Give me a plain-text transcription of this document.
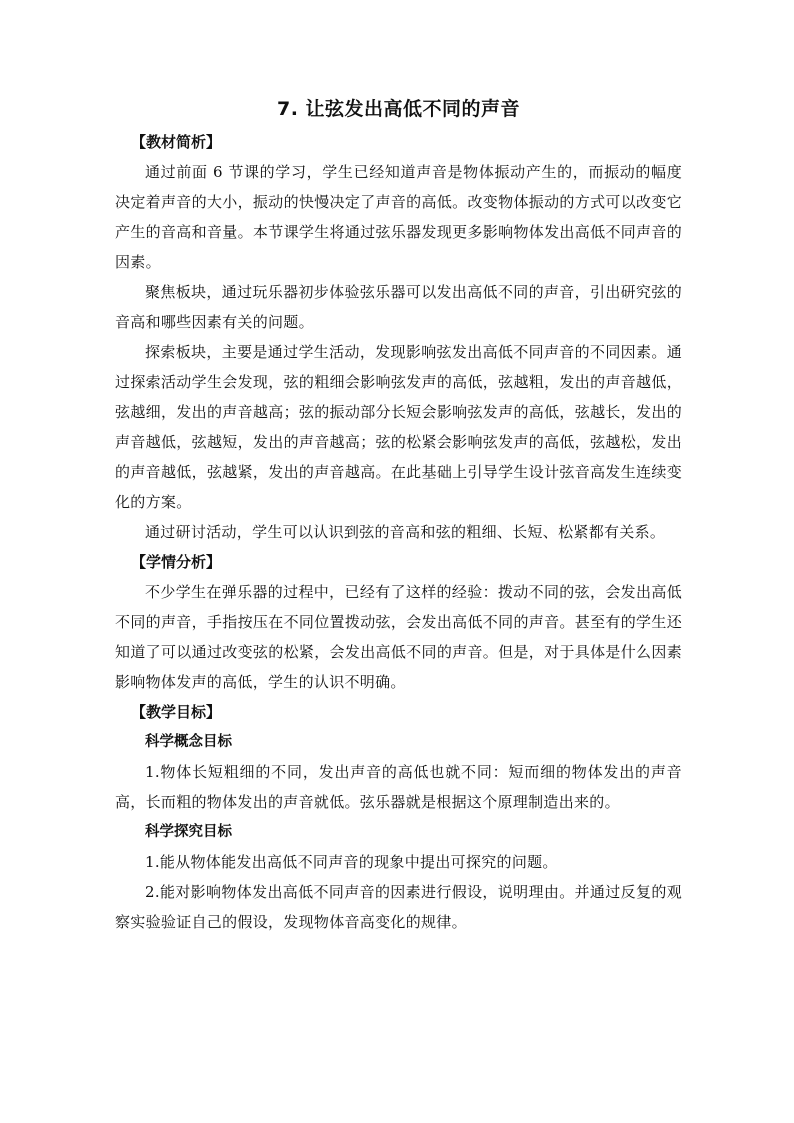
7. 让弦发出高低不同的声音

【教材简析】

通过前面 6 节课的学习，学生已经知道声音是物体振动产生的，而振动的幅度决定着声音的大小，振动的快慢决定了声音的高低。改变物体振动的方式可以改变它产生的音高和音量。本节课学生将通过弦乐器发现更多影响物体发出高低不同声音的因素。

聚焦板块，通过玩乐器初步体验弦乐器可以发出高低不同的声音，引出研究弦的音高和哪些因素有关的问题。

探索板块，主要是通过学生活动，发现影响弦发出高低不同声音的不同因素。通过探索活动学生会发现，弦的粗细会影响弦发声的高低，弦越粗，发出的声音越低，弦越细，发出的声音越高；弦的振动部分长短会影响弦发声的高低，弦越长，发出的声音越低，弦越短，发出的声音越高；弦的松紧会影响弦发声的高低，弦越松，发出的声音越低，弦越紧，发出的声音越高。在此基础上引导学生设计弦音高发生连续变化的方案。

通过研讨活动，学生可以认识到弦的音高和弦的粗细、长短、松紧都有关系。

【学情分析】

不少学生在弹乐器的过程中，已经有了这样的经验：拨动不同的弦，会发出高低不同的声音，手指按压在不同位置拨动弦，会发出高低不同的声音。甚至有的学生还知道了可以通过改变弦的松紧，会发出高低不同的声音。但是，对于具体是什么因素影响物体发声的高低，学生的认识不明确。

【教学目标】

科学概念目标

1.物体长短粗细的不同，发出声音的高低也就不同：短而细的物体发出的声音高，长而粗的物体发出的声音就低。弦乐器就是根据这个原理制造出来的。

科学探究目标

1.能从物体能发出高低不同声音的现象中提出可探究的问题。

2.能对影响物体发出高低不同声音的因素进行假设，说明理由。并通过反复的观察实验验证自己的假设，发现物体音高变化的规律。
